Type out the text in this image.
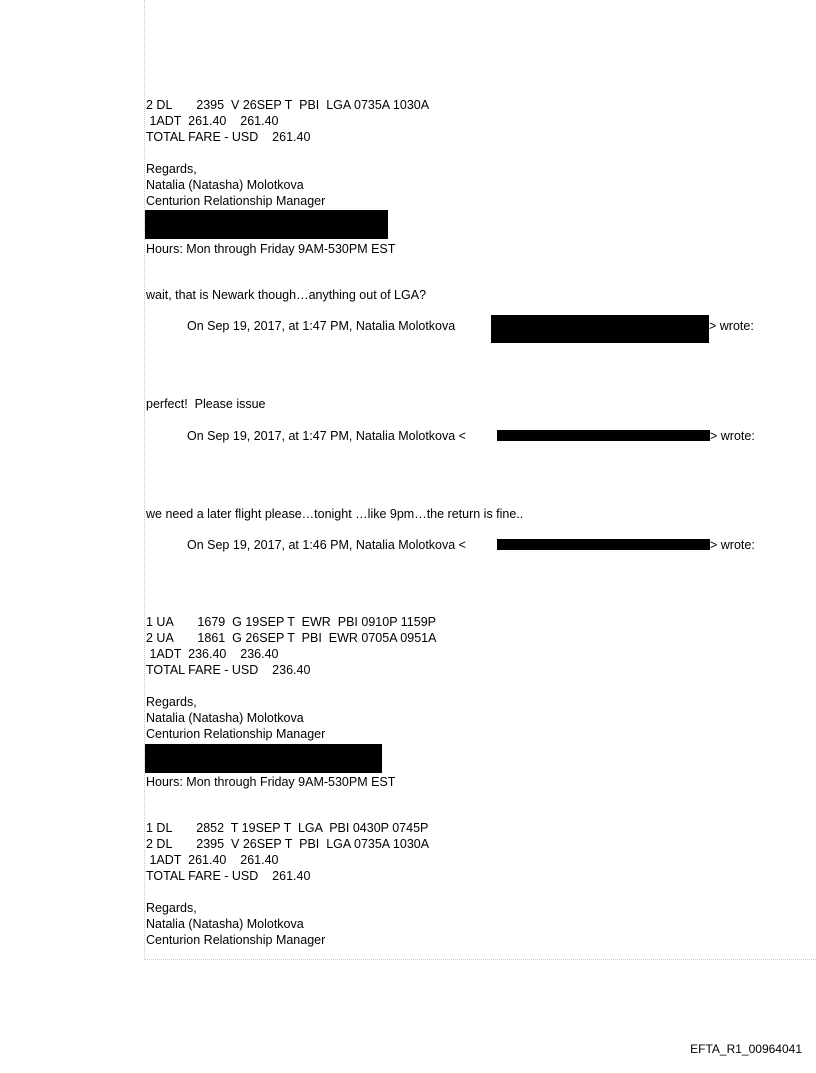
2 DL       2395  V 26SEP T  PBI  LGA 0735A 1030A
1ADT  261.40    261.40
TOTAL FARE - USD    261.40
Regards,
Natalia (Natasha) Molotkova
Centurion Relationship Manager
Hours: Mon through Friday 9AM-530PM EST
wait, that is Newark though…anything out of LGA?
On Sep 19, 2017, at 1:47 PM, Natalia Molotkova	> wrote:
perfect!  Please issue
On Sep 19, 2017, at 1:47 PM, Natalia Molotkova <	> wrote:
we need a later flight please…tonight …like 9pm…the return is fine..
On Sep 19, 2017, at 1:46 PM, Natalia Molotkova <	> wrote:
1 UA       1679  G 19SEP T  EWR  PBI 0910P 1159P
2 UA       1861  G 26SEP T  PBI  EWR 0705A 0951A
1ADT  236.40    236.40
TOTAL FARE - USD    236.40
Regards,
Natalia (Natasha) Molotkova
Centurion Relationship Manager
Hours: Mon through Friday 9AM-530PM EST
1 DL       2852  T 19SEP T  LGA  PBI 0430P 0745P
2 DL       2395  V 26SEP T  PBI  LGA 0735A 1030A
1ADT  261.40    261.40
TOTAL FARE - USD    261.40
Regards,
Natalia (Natasha) Molotkova
Centurion Relationship Manager
EFTA_R1_00964041
